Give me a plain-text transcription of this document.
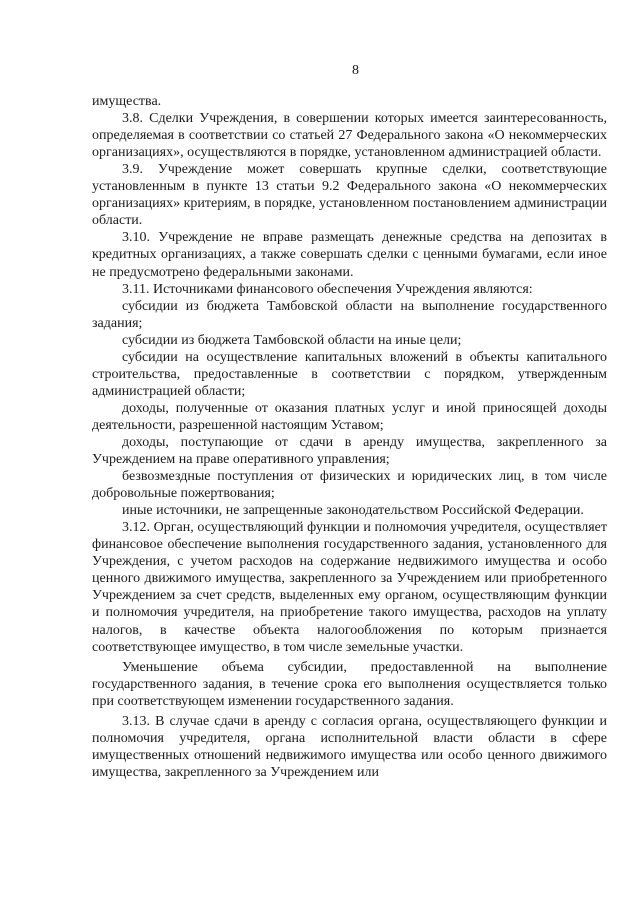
8

имущества.

3.8. Сделки Учреждения, в совершении которых имеется заинтересованность, определяемая в соответствии со статьей 27 Федерального закона «О некоммерческих организациях», осуществляются в порядке, установленном администрацией области.

3.9. Учреждение может совершать крупные сделки, соответствующие установленным в пункте 13 статьи 9.2 Федерального закона «О некоммерческих организациях» критериям, в порядке, установленном постановлением администрации области.

3.10. Учреждение не вправе размещать денежные средства на депозитах в кредитных организациях, а также совершать сделки с ценными бумагами, если иное не предусмотрено федеральными законами.

3.11. Источниками финансового обеспечения Учреждения являются:

субсидии из бюджета Тамбовской области на выполнение государственного задания;

субсидии из бюджета Тамбовской области на иные цели;

субсидии на осуществление капитальных вложений в объекты капитального строительства, предоставленные в соответствии с порядком, утвержденным администрацией области;

доходы, полученные от оказания платных услуг и иной приносящей доходы деятельности, разрешенной настоящим Уставом;

доходы, поступающие от сдачи в аренду имущества, закрепленного за Учреждением на праве оперативного управления;

безвозмездные поступления от физических и юридических лиц, в том числе добровольные пожертвования;

иные источники, не запрещенные законодательством Российской Федерации.

3.12. Орган, осуществляющий функции и полномочия учредителя, осуществляет финансовое обеспечение выполнения государственного задания, установленного для Учреждения, с учетом расходов на содержание недвижимого имущества и особо ценного движимого имущества, закрепленного за Учреждением или приобретенного Учреждением за счет средств, выделенных ему органом, осуществляющим функции и полномочия учредителя, на приобретение такого имущества, расходов на уплату налогов, в качестве объекта налогообложения по которым признается соответствующее имущество, в том числе земельные участки.

Уменьшение объема субсидии, предоставленной на выполнение государственного задания, в течение срока его выполнения осуществляется только при соответствующем изменении государственного задания.

3.13. В случае сдачи в аренду с согласия органа, осуществляющего функции и полномочия учредителя, органа исполнительной власти области в сфере имущественных отношений недвижимого имущества или особо ценного движимого имущества, закрепленного за Учреждением или
